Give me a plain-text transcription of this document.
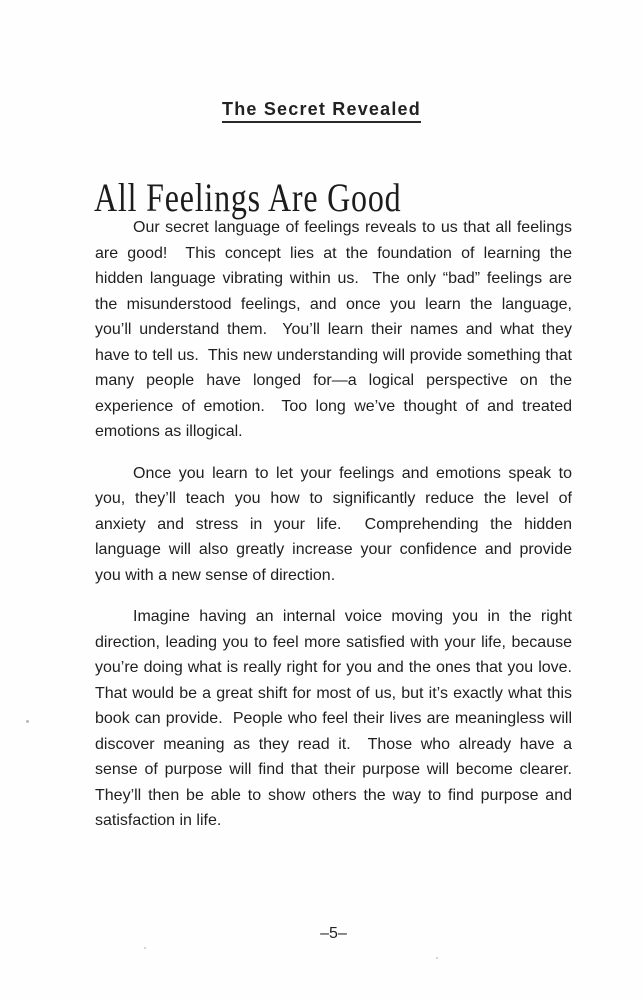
The Secret Revealed
All Feelings Are Good

Our secret language of feelings reveals to us that all feelings are good!  This concept lies at the foundation of learning the hidden language vibrating within us.  The only “bad” feelings are the misunderstood feelings, and once you learn the language, you’ll understand them.  You’ll learn their names and what they have to tell us.  This new understanding will provide something that many people have longed for—a logical perspective on the experience of emotion.  Too long we’ve thought of and treated emotions as illogical.

Once you learn to let your feelings and emotions speak to you, they’ll teach you how to significantly reduce the level of anxiety and stress in your life.  Comprehending the hidden language will also greatly increase your confidence and provide you with a new sense of direction.

Imagine having an internal voice moving you in the right direction, leading you to feel more satisfied with your life, because you’re doing what is really right for you and the ones that you love.  That would be a great shift for most of us, but it’s exactly what this book can provide.  People who feel their lives are meaningless will discover meaning as they read it.  Those who already have a sense of purpose will find that their purpose will become clearer.  They’ll then be able to show others the way to find purpose and satisfaction in life.

–5–
